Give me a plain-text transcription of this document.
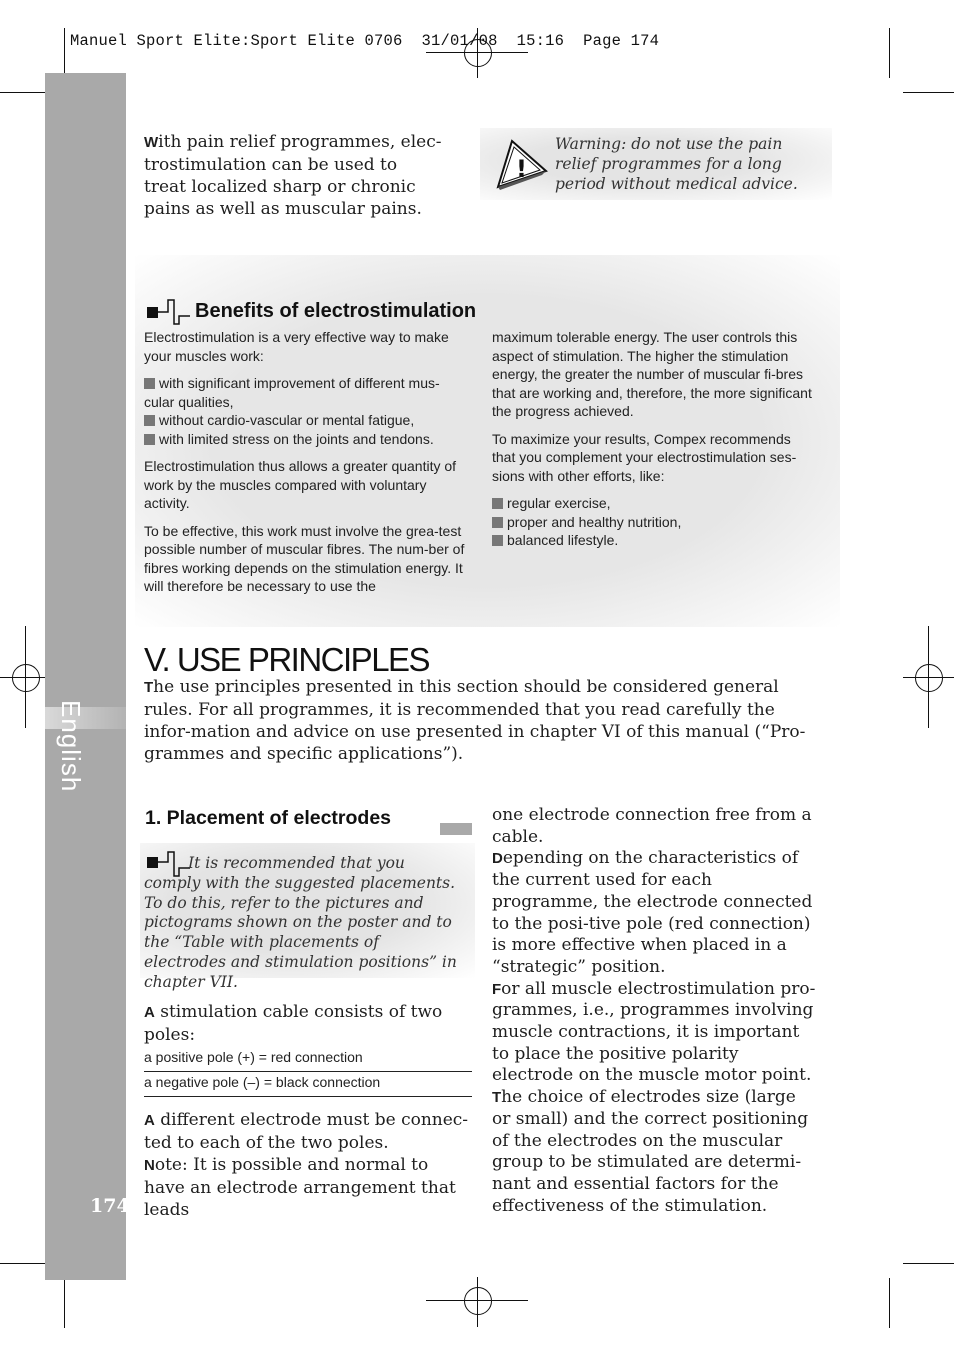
Manuel Sport Elite:Sport Elite 0706  31/01/08  15:16  Page 174
English
174
With pain relief programmes, elec-trostimulation can be used to treat localized sharp or chronic pains as well as muscular pains.
!
Warning: do not use the pain relief programmes for a long period without medical advice.
Benefits of electrostimulation

Electrostimulation is a very effective way to make your muscles work:

with significant improvement of different mus-cular qualities,
without cardio-vascular or mental fatigue,
with limited stress on the joints and tendons.

Electrostimulation thus allows a greater quantity of work by the muscles compared with voluntary activity.

To be effective, this work must involve the grea-test possible number of muscular fibres. The num-ber of fibres working depends on the stimulation energy. It will therefore be necessary to use the

maximum tolerable energy. The user controls this aspect of stimulation. The higher the stimulation energy, the greater the number of muscular fi-bres that are working and, therefore, the more significant the progress achieved.

To maximize your results, Compex recommends that you complement your electrostimulation ses-sions with other efforts, like:

regular exercise,
proper and healthy nutrition,
balanced lifestyle.

V. USE PRINCIPLES
The use principles presented in this section should be considered general rules. For all programmes, it is recommended that you read carefully the infor-mation and advice on use presented in chapter VI of this manual (“Pro-grammes and specific applications”).
1. Placement of electrodes
It is recommended that you comply with the suggested placements. To do this, refer to the pictures and pictograms shown on the poster and to the “Table with placements of electrodes and stimulation positions” in chapter VII.
A stimulation cable consists of two poles:
a positive pole (+) = red connection
a negative pole (–) = black connection
A different electrode must be connec-ted to each of the two poles.
Note: It is possible and normal to have an electrode arrangement that leads

one electrode connection free from a cable.

Depending on the characteristics of the current used for each programme, the electrode connected to the posi-tive pole (red connection) is more effective when placed in a “strategic” position.

For all muscle electrostimulation pro-grammes, i.e., programmes involving muscle contractions, it is important to place the positive polarity electrode on the muscle motor point.

The choice of electrodes size (large or small) and the correct positioning of the electrodes on the muscular group to be stimulated are determi-nant and essential factors for the effectiveness of the stimulation.
